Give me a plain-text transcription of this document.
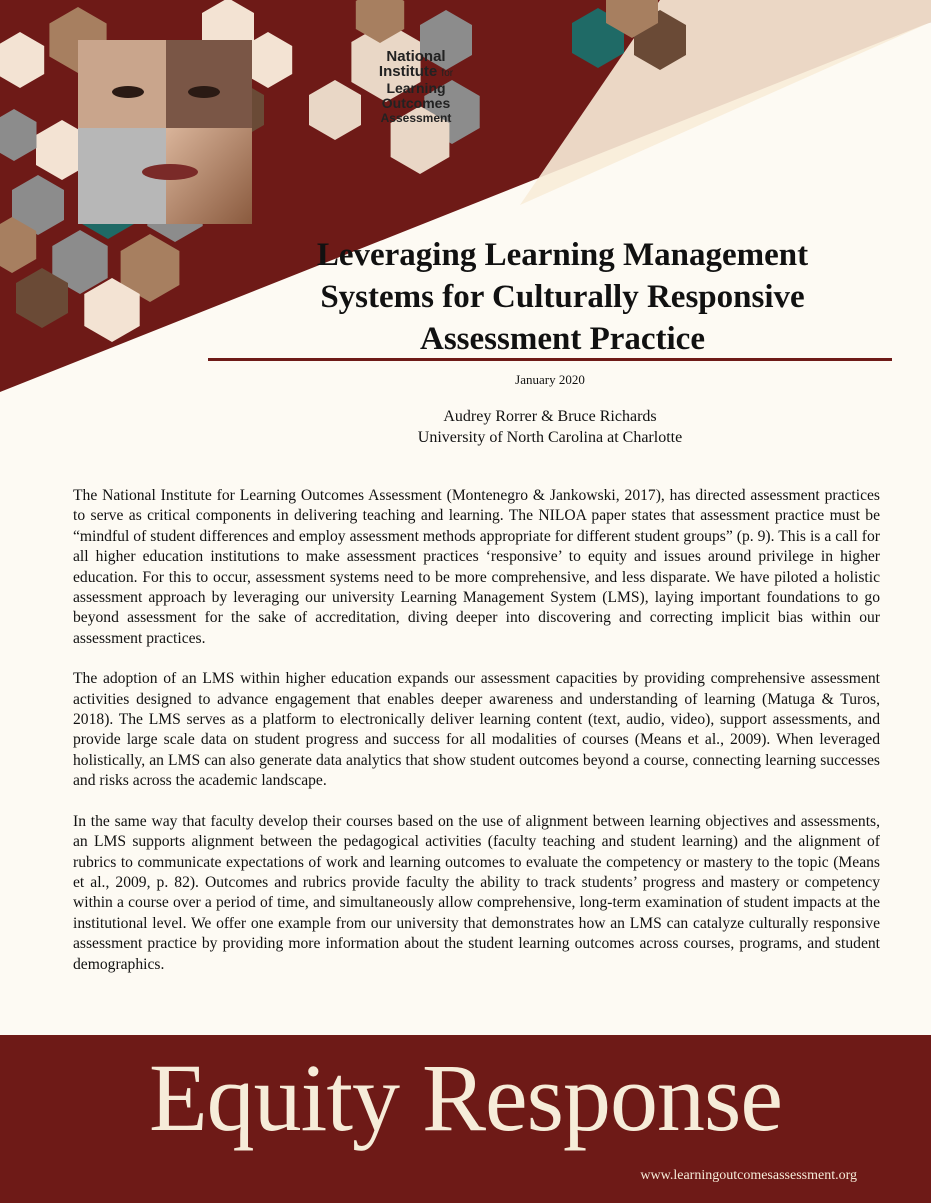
National
Institute for
Learning Outcomes
Assessment
Leveraging Learning Management
Systems for Culturally Responsive
Assessment Practice
January 2020
Audrey Rorrer & Bruce Richards
University of North Carolina at Charlotte

The National Institute for Learning Outcomes Assessment (Montenegro & Jankowski, 2017), has directed assessment practices to serve as critical components in delivering teaching and learning. The NILOA paper states that assessment practice must be “mindful of student differences and employ assessment methods appropriate for different student groups” (p. 9). This is a call for all higher education institutions to make assessment practices ‘responsive’ to equity and issues around privilege in higher education. For this to occur, assessment systems need to be more comprehensive, and less disparate. We have piloted a holistic assessment approach by leveraging our university Learning Management System (LMS), laying important foundations to go beyond assessment for the sake of accreditation, diving deeper into discovering and correcting implicit bias within our assessment practices.

The adoption of an LMS within higher education expands our assessment capacities by providing comprehensive assessment activities designed to advance engagement that enables deeper awareness and understanding of learning (Matuga & Turos, 2018). The LMS serves as a platform to electronically deliver learning content (text, audio, video), support assessments, and provide large scale data on student progress and success for all modalities of courses (Means et al., 2009). When leveraged holistically, an LMS can also generate data analytics that show student outcomes beyond a course, connecting learning successes and risks across the academic landscape.

In the same way that faculty develop their courses based on the use of alignment between learning objectives and assessments, an LMS supports alignment between the pedagogical activities (faculty teaching and student learning) and the alignment of rubrics to communicate expectations of work and learning outcomes to evaluate the competency or mastery to the topic (Means et al., 2009, p. 82). Outcomes and rubrics provide faculty the ability to track students’ progress and mastery or competency within a course over a period of time, and simultaneously allow comprehensive, long-term examination of student impacts at the institutional level. We offer one example from our university that demonstrates how an LMS can catalyze culturally responsive assessment practice by providing more information about the student learning outcomes across courses, programs, and student demographics.

Equity Response
www.learningoutcomesassessment.org
